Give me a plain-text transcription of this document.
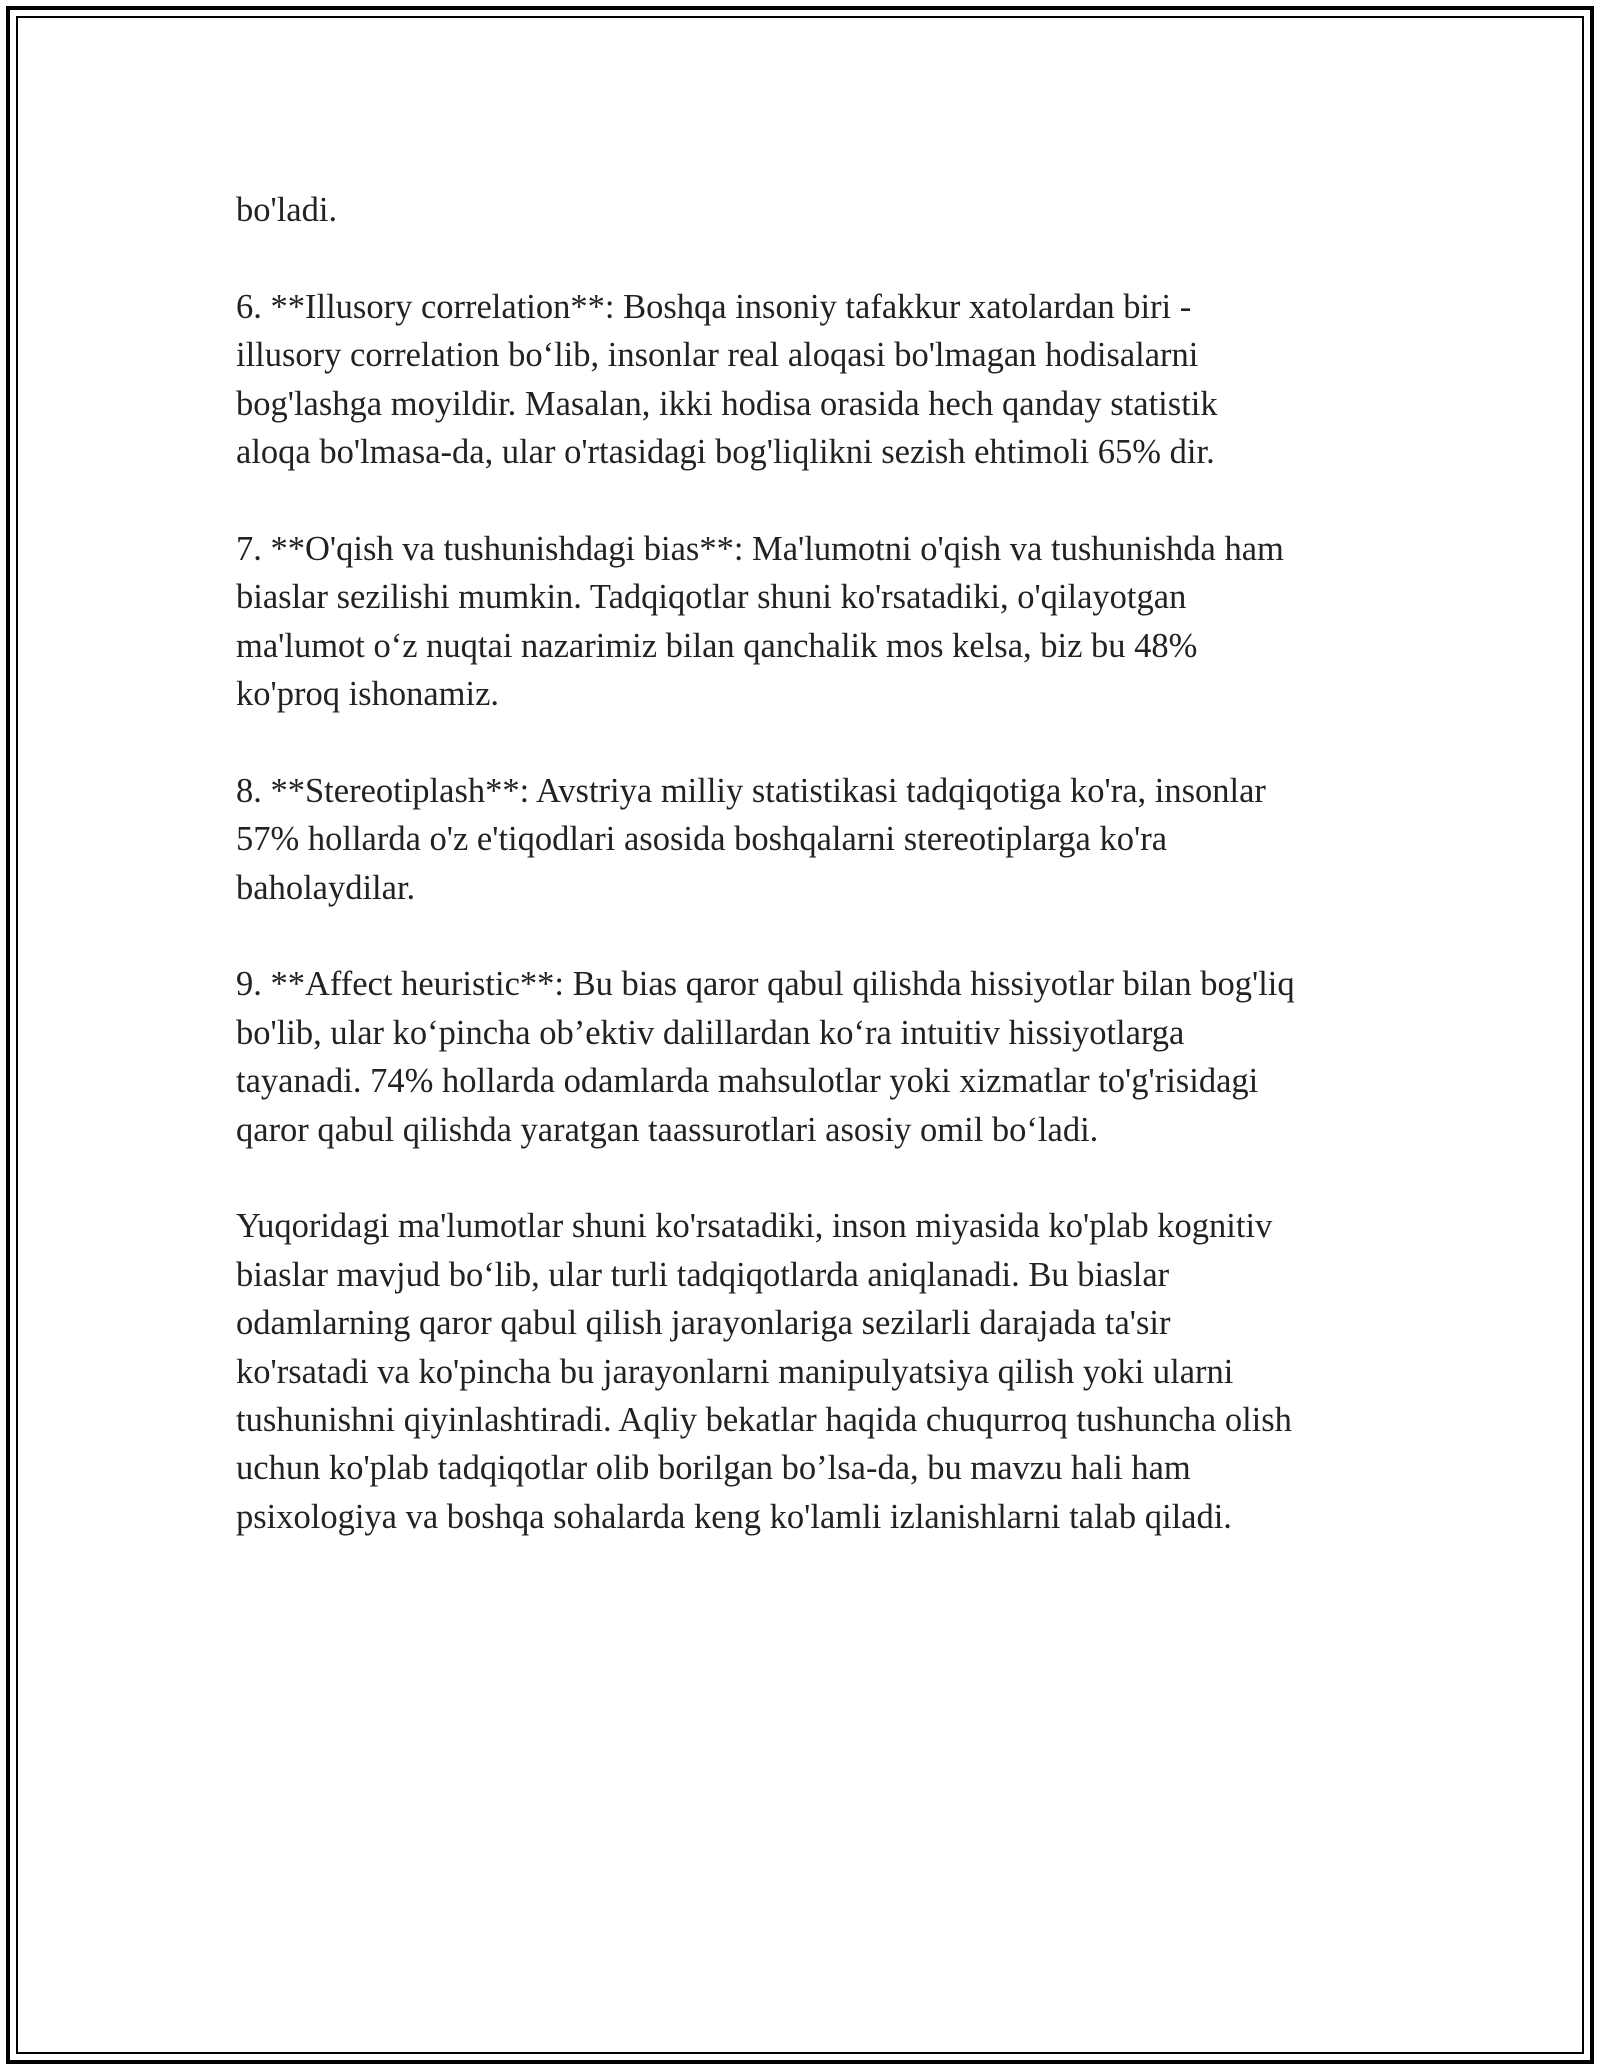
bo'ladi.

6. **Illusory correlation**: Boshqa insoniy tafakkur xatolardan biri -
illusory correlation bo‘lib, insonlar real aloqasi bo'lmagan hodisalarni
bog'lashga moyildir. Masalan, ikki hodisa orasida hech qanday statistik
aloqa bo'lmasa-da, ular o'rtasidagi bog'liqlikni sezish ehtimoli 65% dir.

7. **O'qish va tushunishdagi bias**: Ma'lumotni o'qish va tushunishda ham
biaslar sezilishi mumkin. Tadqiqotlar shuni ko'rsatadiki, o'qilayotgan
ma'lumot o‘z nuqtai nazarimiz bilan qanchalik mos kelsa, biz bu 48%
ko'proq ishonamiz.

8. **Stereotiplash**: Avstriya milliy statistikasi tadqiqotiga ko'ra, insonlar
57% hollarda o'z e'tiqodlari asosida boshqalarni stereotiplarga ko'ra
baholaydilar.

9. **Affect heuristic**: Bu bias qaror qabul qilishda hissiyotlar bilan bog'liq
bo'lib, ular ko‘pincha ob’ektiv dalillardan ko‘ra intuitiv hissiyotlarga
tayanadi. 74% hollarda odamlarda mahsulotlar yoki xizmatlar to'g'risidagi
qaror qabul qilishda yaratgan taassurotlari asosiy omil bo‘ladi.

Yuqoridagi ma'lumotlar shuni ko'rsatadiki, inson miyasida ko'plab kognitiv
biaslar mavjud bo‘lib, ular turli tadqiqotlarda aniqlanadi. Bu biaslar
odamlarning qaror qabul qilish jarayonlariga sezilarli darajada ta'sir
ko'rsatadi va ko'pincha bu jarayonlarni manipulyatsiya qilish yoki ularni
tushunishni qiyinlashtiradi. Aqliy bekatlar haqida chuqurroq tushuncha olish
uchun ko'plab tadqiqotlar olib borilgan bo’lsa-da, bu mavzu hali ham
psixologiya va boshqa sohalarda keng ko'lamli izlanishlarni talab qiladi.
